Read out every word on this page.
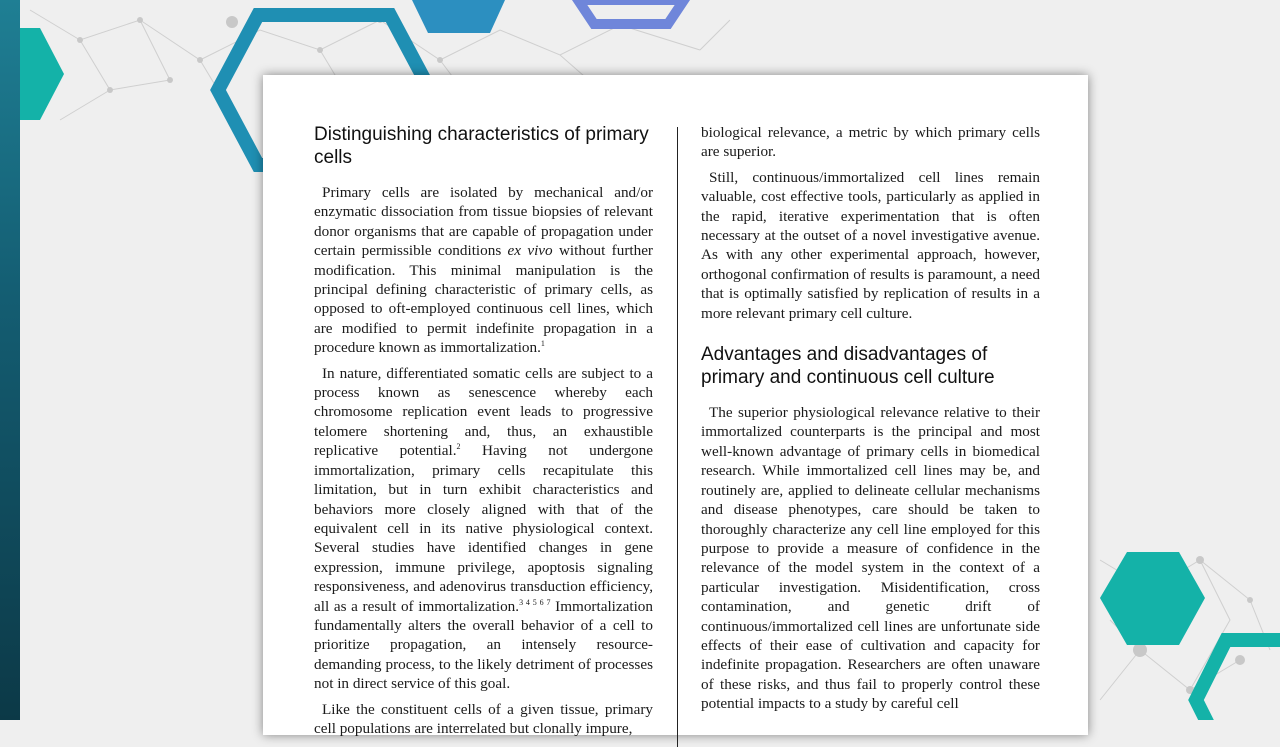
Distinguishing characteristics of primary cells

Primary cells are isolated by mechanical and/or enzymatic dissociation from tissue biopsies of relevant donor organisms that are capable of propagation under certain permissible conditions ex vivo without further modification. This minimal manipulation is the principal defining characteristic of primary cells, as opposed to oft-employed continuous cell lines, which are modified to permit indefinite propagation in a procedure known as immortalization.$^1$

In nature, differentiated somatic cells are subject to a process known as senescence whereby each chromosome replication event leads to progressive telomere shortening and, thus, an exhaustible replicative potential.$^2$ Having not undergone immortalization, primary cells recapitulate this limitation, but in turn exhibit characteristics and behaviors more closely aligned with that of the equivalent cell in its native physiological context. Several studies have identified changes in gene expression, immune privilege, apoptosis signaling responsiveness, and adenovirus transduction efficiency, all as a result of immortalization.$^{3 4 5 6 7}$ Immortalization fundamentally alters the overall behavior of a cell to prioritize propagation, an intensely resource-demanding process, to the likely detriment of processes not in direct service of this goal.

Like the constituent cells of a given tissue, primary cell populations are interrelated but clonally impure,

biological relevance, a metric by which primary cells are superior.

Still, continuous/immortalized cell lines remain valuable, cost effective tools, particularly as applied in the rapid, iterative experimentation that is often necessary at the outset of a novel investigative avenue. As with any other experimental approach, however, orthogonal confirmation of results is paramount, a need that is optimally satisfied by replication of results in a more relevant primary cell culture.

Advantages and disadvantages of primary and continuous cell culture

The superior physiological relevance relative to their immortalized counterparts is the principal and most well-known advantage of primary cells in biomedical research. While immortalized cell lines may be, and routinely are, applied to delineate cellular mechanisms and disease phenotypes, care should be taken to thoroughly characterize any cell line employed for this purpose to provide a measure of confidence in the relevance of the model system in the context of a particular investigation. Misidentification, cross contamination, and genetic drift of continuous/immortalized cell lines are unfortunate side effects of their ease of cultivation and capacity for indefinite propagation. Researchers are often unaware of these risks, and thus fail to properly control these potential impacts to a study by careful cell
